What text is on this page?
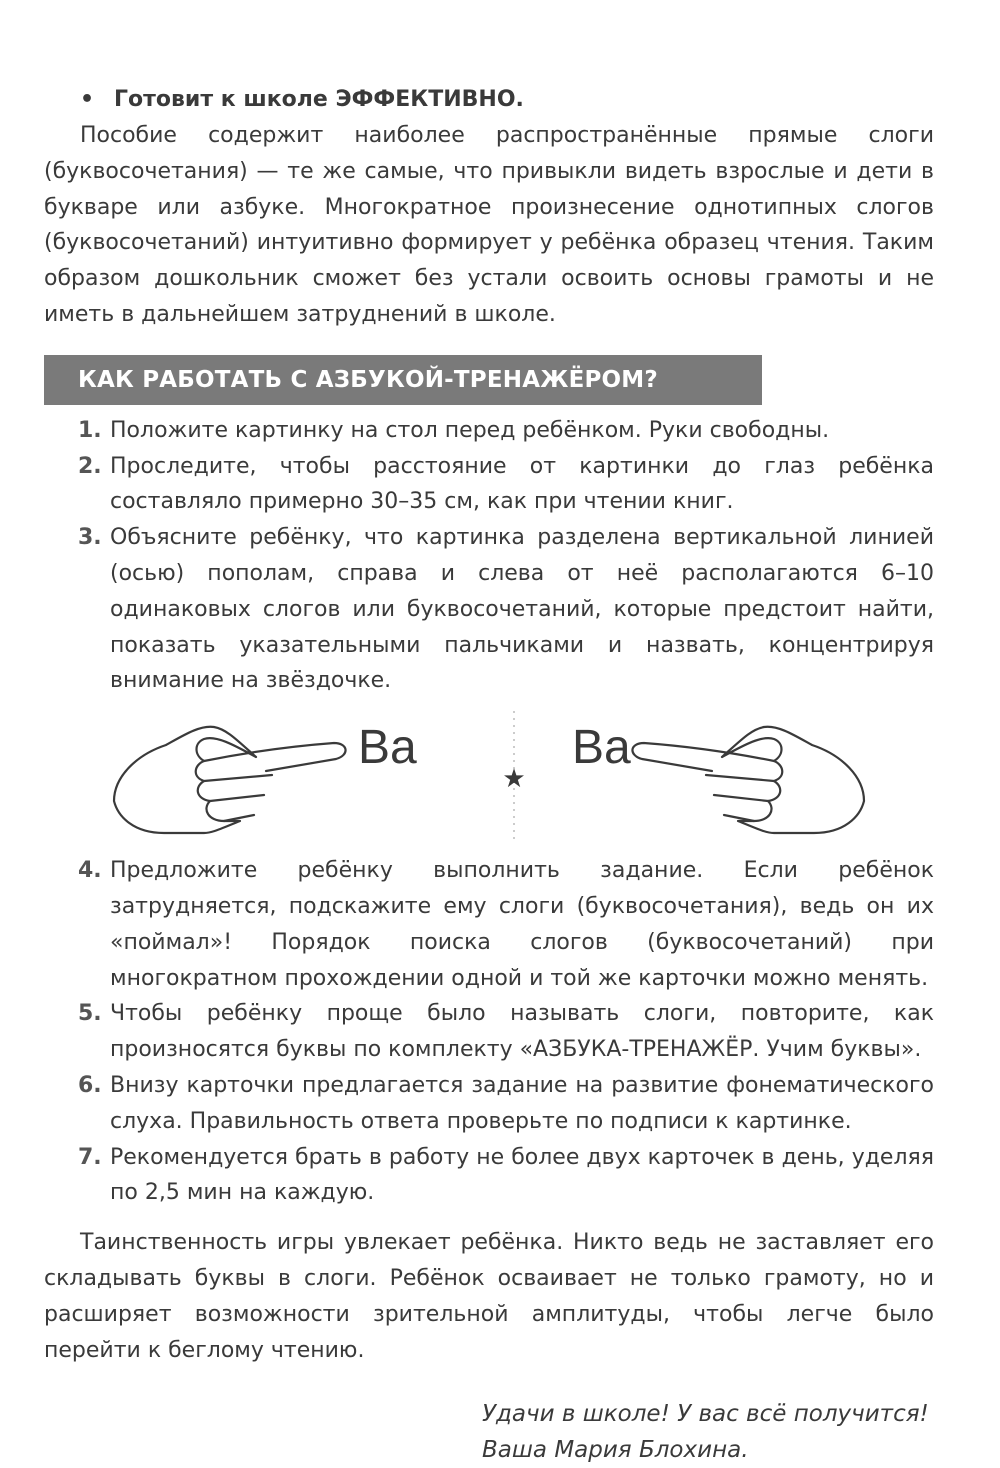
• Готовит к школе ЭФФЕКТИВНО.

Пособие содержит наиболее распространённые прямые слоги (буквосочетания) — те же самые, что привыкли видеть взрослые и дети в букваре или азбуке. Многократное произнесение однотипных слогов (буквосочетаний) интуитивно формирует у ребёнка образец чтения. Таким образом дошкольник сможет без устали освоить основы грамоты и не иметь в дальнейшем затруднений в школе.

КАК РАБОТАТЬ С АЗБУКОЙ-ТРЕНАЖЁРОМ?
1. Положите картинку на стол перед ребёнком. Руки свободны.
2. Проследите, чтобы расстояние от картинки до глаз ребёнка составляло примерно 30–35 см, как при чтении книг.
3. Объясните ребёнку, что картинка разделена вертикальной линией (осью) пополам, справа и слева от неё располагаются 6–10 одинаковых слогов или буквосочетаний, которые предстоит найти, показать указательными пальчиками и назвать, концентрируя внимание на звёздочке.
Ba
★
Ba
4. Предложите ребёнку выполнить задание. Если ребёнок затрудняется, подскажите ему слоги (буквосочетания), ведь он их «поймал»! Порядок поиска слогов (буквосочетаний) при многократном прохождении одной и той же карточки можно менять.
5. Чтобы ребёнку проще было называть слоги, повторите, как произносятся буквы по комплекту «АЗБУКА-ТРЕНАЖЁР. Учим буквы».
6. Внизу карточки предлагается задание на развитие фонематического слуха. Правильность ответа проверьте по подписи к картинке.
7. Рекомендуется брать в работу не более двух карточек в день, уделяя по 2,5 мин на каждую.

Таинственность игры увлекает ребёнка. Никто ведь не заставляет его складывать буквы в слоги. Ребёнок осваивает не только грамоту, но и расширяет возможности зрительной амплитуды, чтобы легче было перейти к беглому чтению.

Удачи в школе! У вас всё получится!
Ваша Мария Блохина.
